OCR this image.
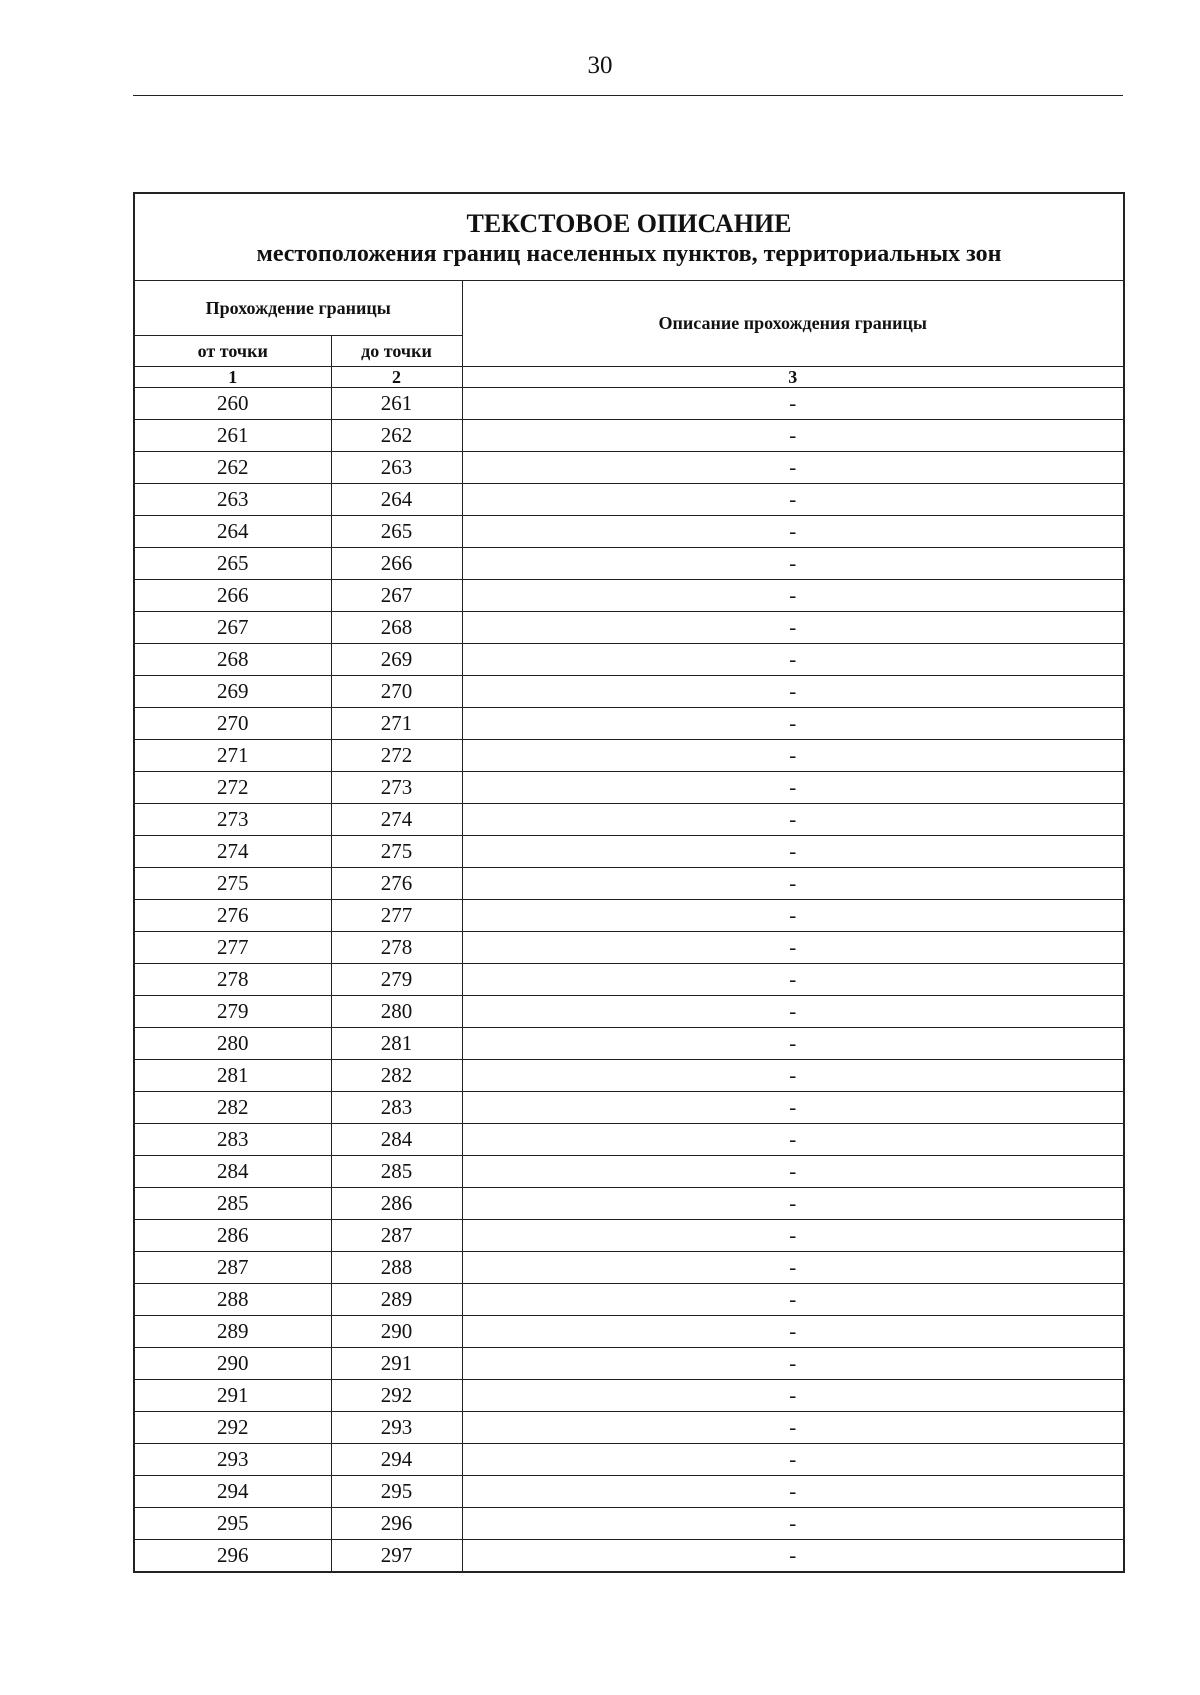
30
ТЕКСТОВОЕ ОПИСАНИЕ
местоположения границ населенных пунктов, территориальных зон		

Прохождение границы		Описание прохождения границы
от точки	до точки	
1	2	3
260	261	-
261	262	-
262	263	-
263	264	-
264	265	-
265	266	-
266	267	-
267	268	-
268	269	-
269	270	-
270	271	-
271	272	-
272	273	-
273	274	-
274	275	-
275	276	-
276	277	-
277	278	-
278	279	-
279	280	-
280	281	-
281	282	-
282	283	-
283	284	-
284	285	-
285	286	-
286	287	-
287	288	-
288	289	-
289	290	-
290	291	-
291	292	-
292	293	-
293	294	-
294	295	-
295	296	-
296	297	-
